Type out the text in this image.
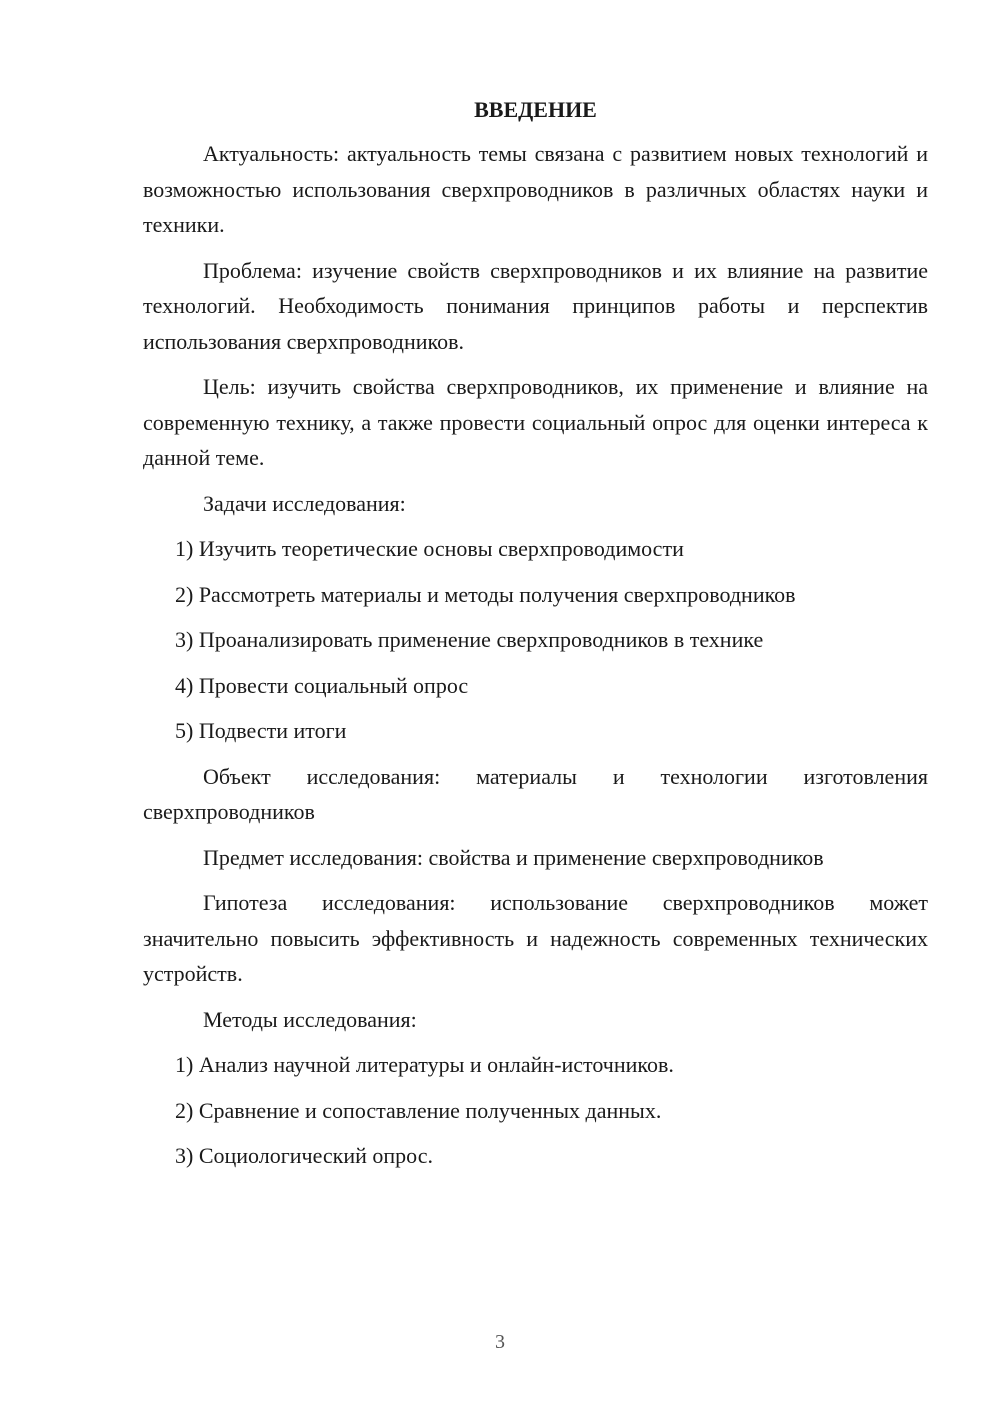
ВВЕДЕНИЕ

Актуальность: актуальность темы связана с развитием новых технологий и возможностью использования сверхпроводников в различных областях науки и техники.

Проблема: изучение свойств сверхпроводников и их влияние на развитие технологий. Необходимость понимания принципов работы и перспектив использования сверхпроводников.

Цель: изучить свойства сверхпроводников, их применение и влияние на современную технику, а также провести социальный опрос для оценки интереса к данной теме.

Задачи исследования:

1) Изучить теоретические основы сверхпроводимости
2) Рассмотреть материалы и методы получения сверхпроводников
3) Проанализировать применение сверхпроводников в технике
4) Провести социальный опрос
5) Подвести итоги

Объект исследования: материалы и технологии изготовления сверхпроводников

Предмет исследования: свойства и применение сверхпроводников

Гипотеза исследования: использование сверхпроводников может значительно повысить эффективность и надежность современных технических устройств.

Методы исследования:

1) Анализ научной литературы и онлайн-источников.
2) Сравнение и сопоставление полученных данных.
3) Социологический опрос.
3
